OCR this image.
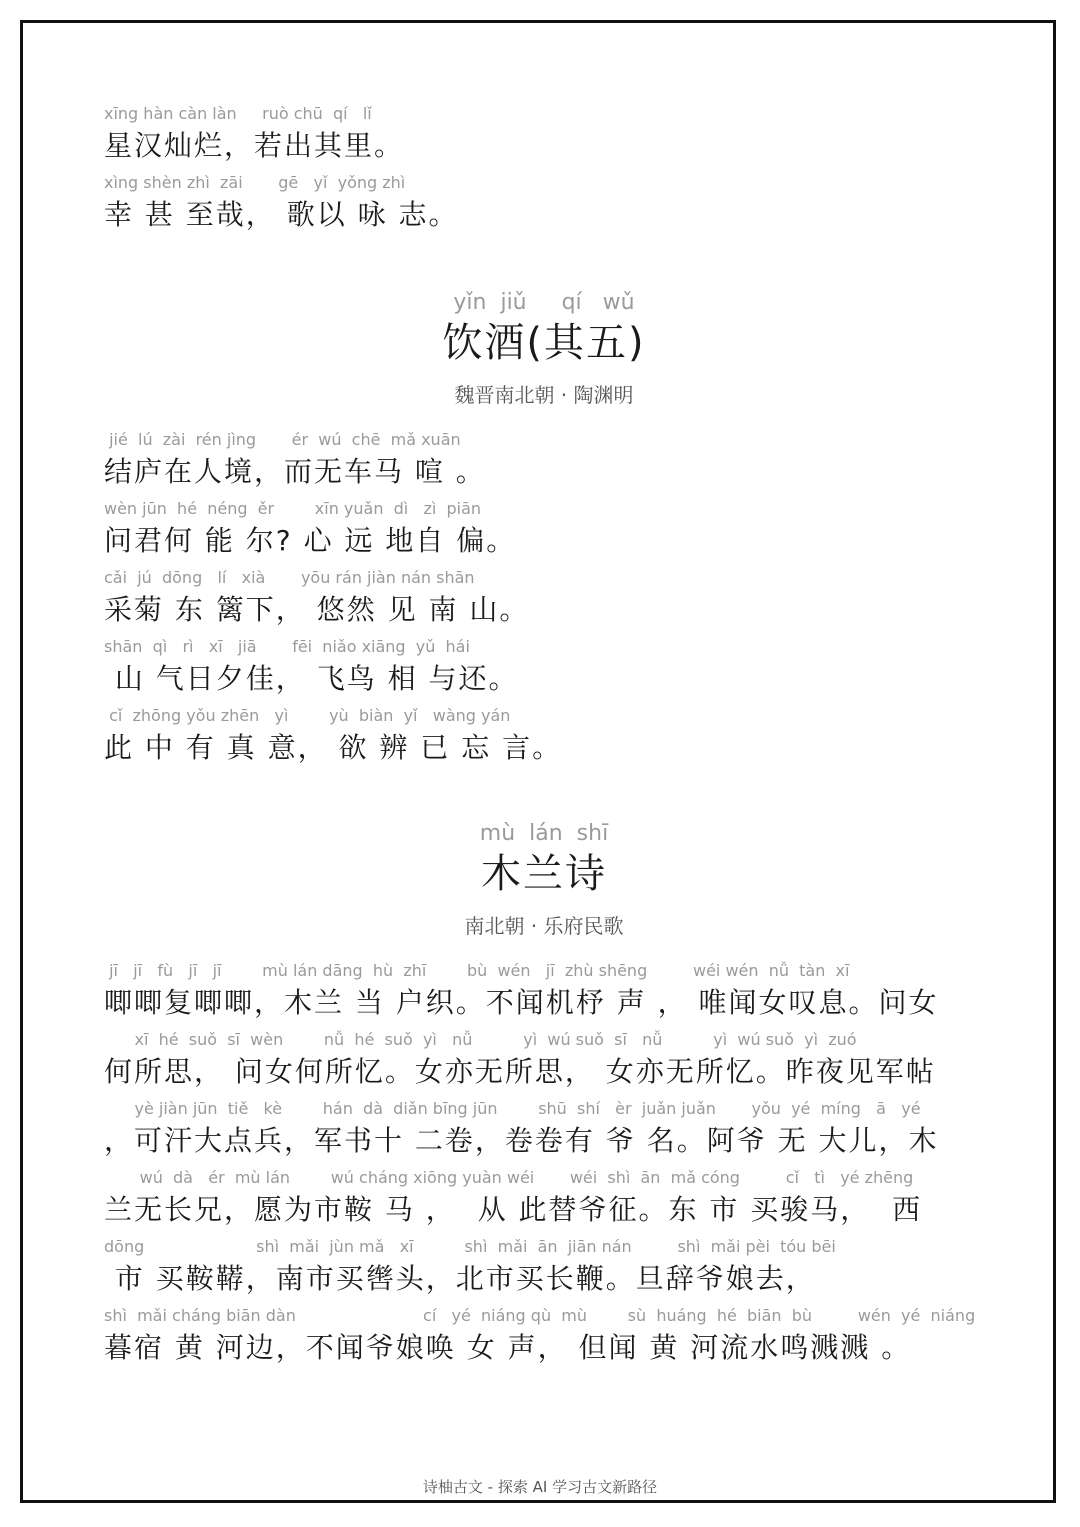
xīng hàn càn làn     ruò chū  qí   lǐ
星汉灿烂，若出其里。
xìng shèn zhì  zāi       gē   yǐ  yǒng zhì
幸 甚 至哉， 歌以 咏 志。
yǐn  jiǔ     qí   wǔ
饮酒(其五)
魏晋南北朝 · 陶渊明
jié  lú  zài  rén jìng       ér  wú  chē  mǎ xuān
结庐在人境，而无车马 喧 。
wèn jūn  hé  néng  ěr        xīn yuǎn  dì   zì  piān
问君何 能 尔? 心 远 地自 偏。
cǎi  jú  dōng   lí   xià       yōu rán jiàn nán shān
采菊 东 篱下， 悠然 见 南 山。
shān  qì   rì   xī   jiā       fēi  niǎo xiāng  yǔ  hái
山 气日夕佳， 飞鸟 相 与还。
cǐ  zhōng yǒu zhēn   yì        yù  biàn  yǐ   wàng yán
此 中 有 真 意， 欲 辨 已 忘 言。
mù  lán  shī
木兰诗
南北朝 · 乐府民歌
jī   jī   fù   jī   jī        mù lán dāng  hù  zhī        bù  wén   jī  zhù shēng         wéi wén  nǚ  tàn  xī
唧唧复唧唧，木兰 当 户织。不闻机杼 声 ， 唯闻女叹息。问女
xī  hé  suǒ  sī  wèn        nǚ  hé  suǒ  yì   nǚ          yì  wú suǒ  sī   nǚ          yì  wú suǒ  yì  zuó
何所思， 问女何所忆。女亦无所思， 女亦无所忆。昨夜见军帖
yè jiàn jūn  tiě   kè        hán  dà  diǎn bīng jūn        shū  shí   èr  juǎn juǎn       yǒu  yé  míng   ā   yé
，可汗大点兵，军书十 二卷，卷卷有 爷 名。阿爷 无 大儿，木
wú  dà   ér  mù lán        wú cháng xiōng yuàn wéi       wéi  shì  ān  mǎ cóng         cǐ   tì   yé zhēng
兰无长兄，愿为市鞍 马 ，  从 此替爷征。东 市 买骏马，  西
dōng                      shì  mǎi  jùn mǎ   xī          shì  mǎi  ān  jiān nán         shì  mǎi pèi  tóu bēi
市 买鞍鞯，南市买辔头，北市买长鞭。旦辞爷娘去，
shì  mǎi cháng biān dàn                         cí   yé  niáng qù  mù        sù  huáng  hé  biān  bù         wén  yé  niáng
暮宿 黄 河边，不闻爷娘唤 女 声， 但闻 黄 河流水鸣溅溅 。
诗柚古文 - 探索 AI 学习古文新路径
